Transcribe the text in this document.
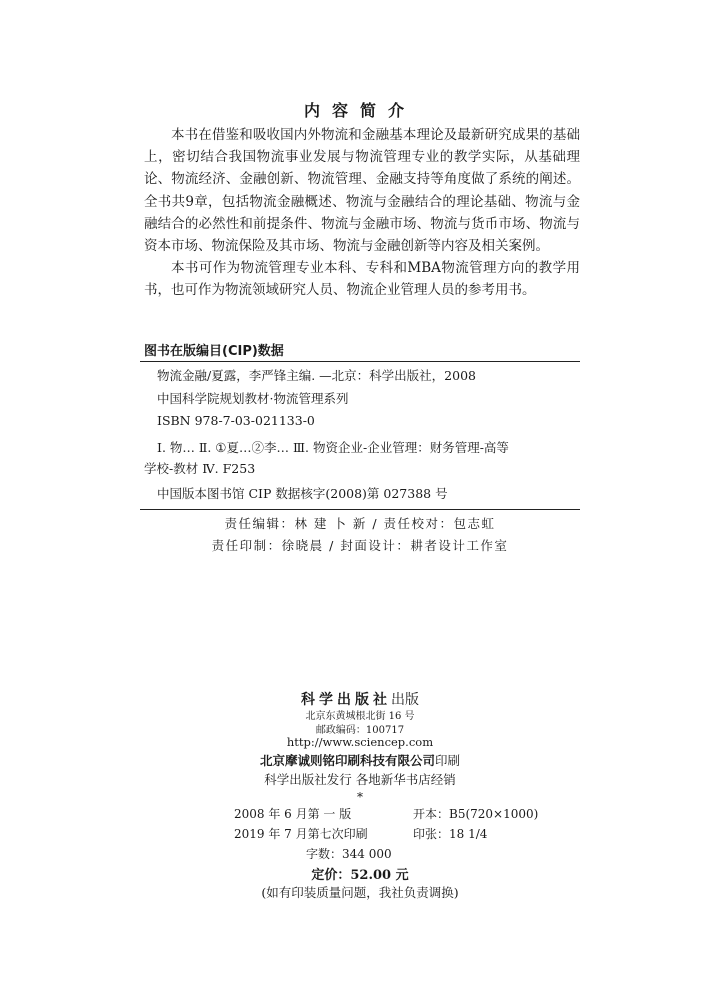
内容简介

本书在借鉴和吸收国内外物流和金融基本理论及最新研究成果的基础上，密切结合我国物流事业发展与物流管理专业的教学实际，从基础理论、物流经济、金融创新、物流管理、金融支持等角度做了系统的阐述。全书共9章，包括物流金融概述、物流与金融结合的理论基础、物流与金融结合的必然性和前提条件、物流与金融市场、物流与货币市场、物流与资本市场、物流保险及其市场、物流与金融创新等内容及相关案例。

本书可作为物流管理专业本科、专科和MBA物流管理方向的教学用书，也可作为物流领域研究人员、物流企业管理人员的参考用书。

图书在版编目(CIP)数据
物流金融/夏露，李严锋主编. —北京：科学出版社，2008
中国科学院规划教材·物流管理系列
ISBN 978-7-03-021133-0
Ⅰ. 物… Ⅱ. ①夏…②李… Ⅲ. 物资企业-企业管理：财务管理-高等
学校-教材 Ⅳ. F253
中国版本图书馆 CIP 数据核字(2008)第 027388 号
责任编辑：林 建 卜 新 / 责任校对：包志虹
责任印制：徐晓晨 / 封面设计：耕者设计工作室
科学出版社出版
北京东黄城根北街 16 号
邮政编码：100717
http://www.sciencep.com
北京摩诚则铭印刷科技有限公司印刷
科学出版社发行 各地新华书店经销
*
2008 年 6 月第 一 版	开本：B5(720×1000)
2019 年 7 月第七次印刷	印张：18 1/4
字数：344 000
定价：52.00 元
(如有印装质量问题，我社负责调换)
